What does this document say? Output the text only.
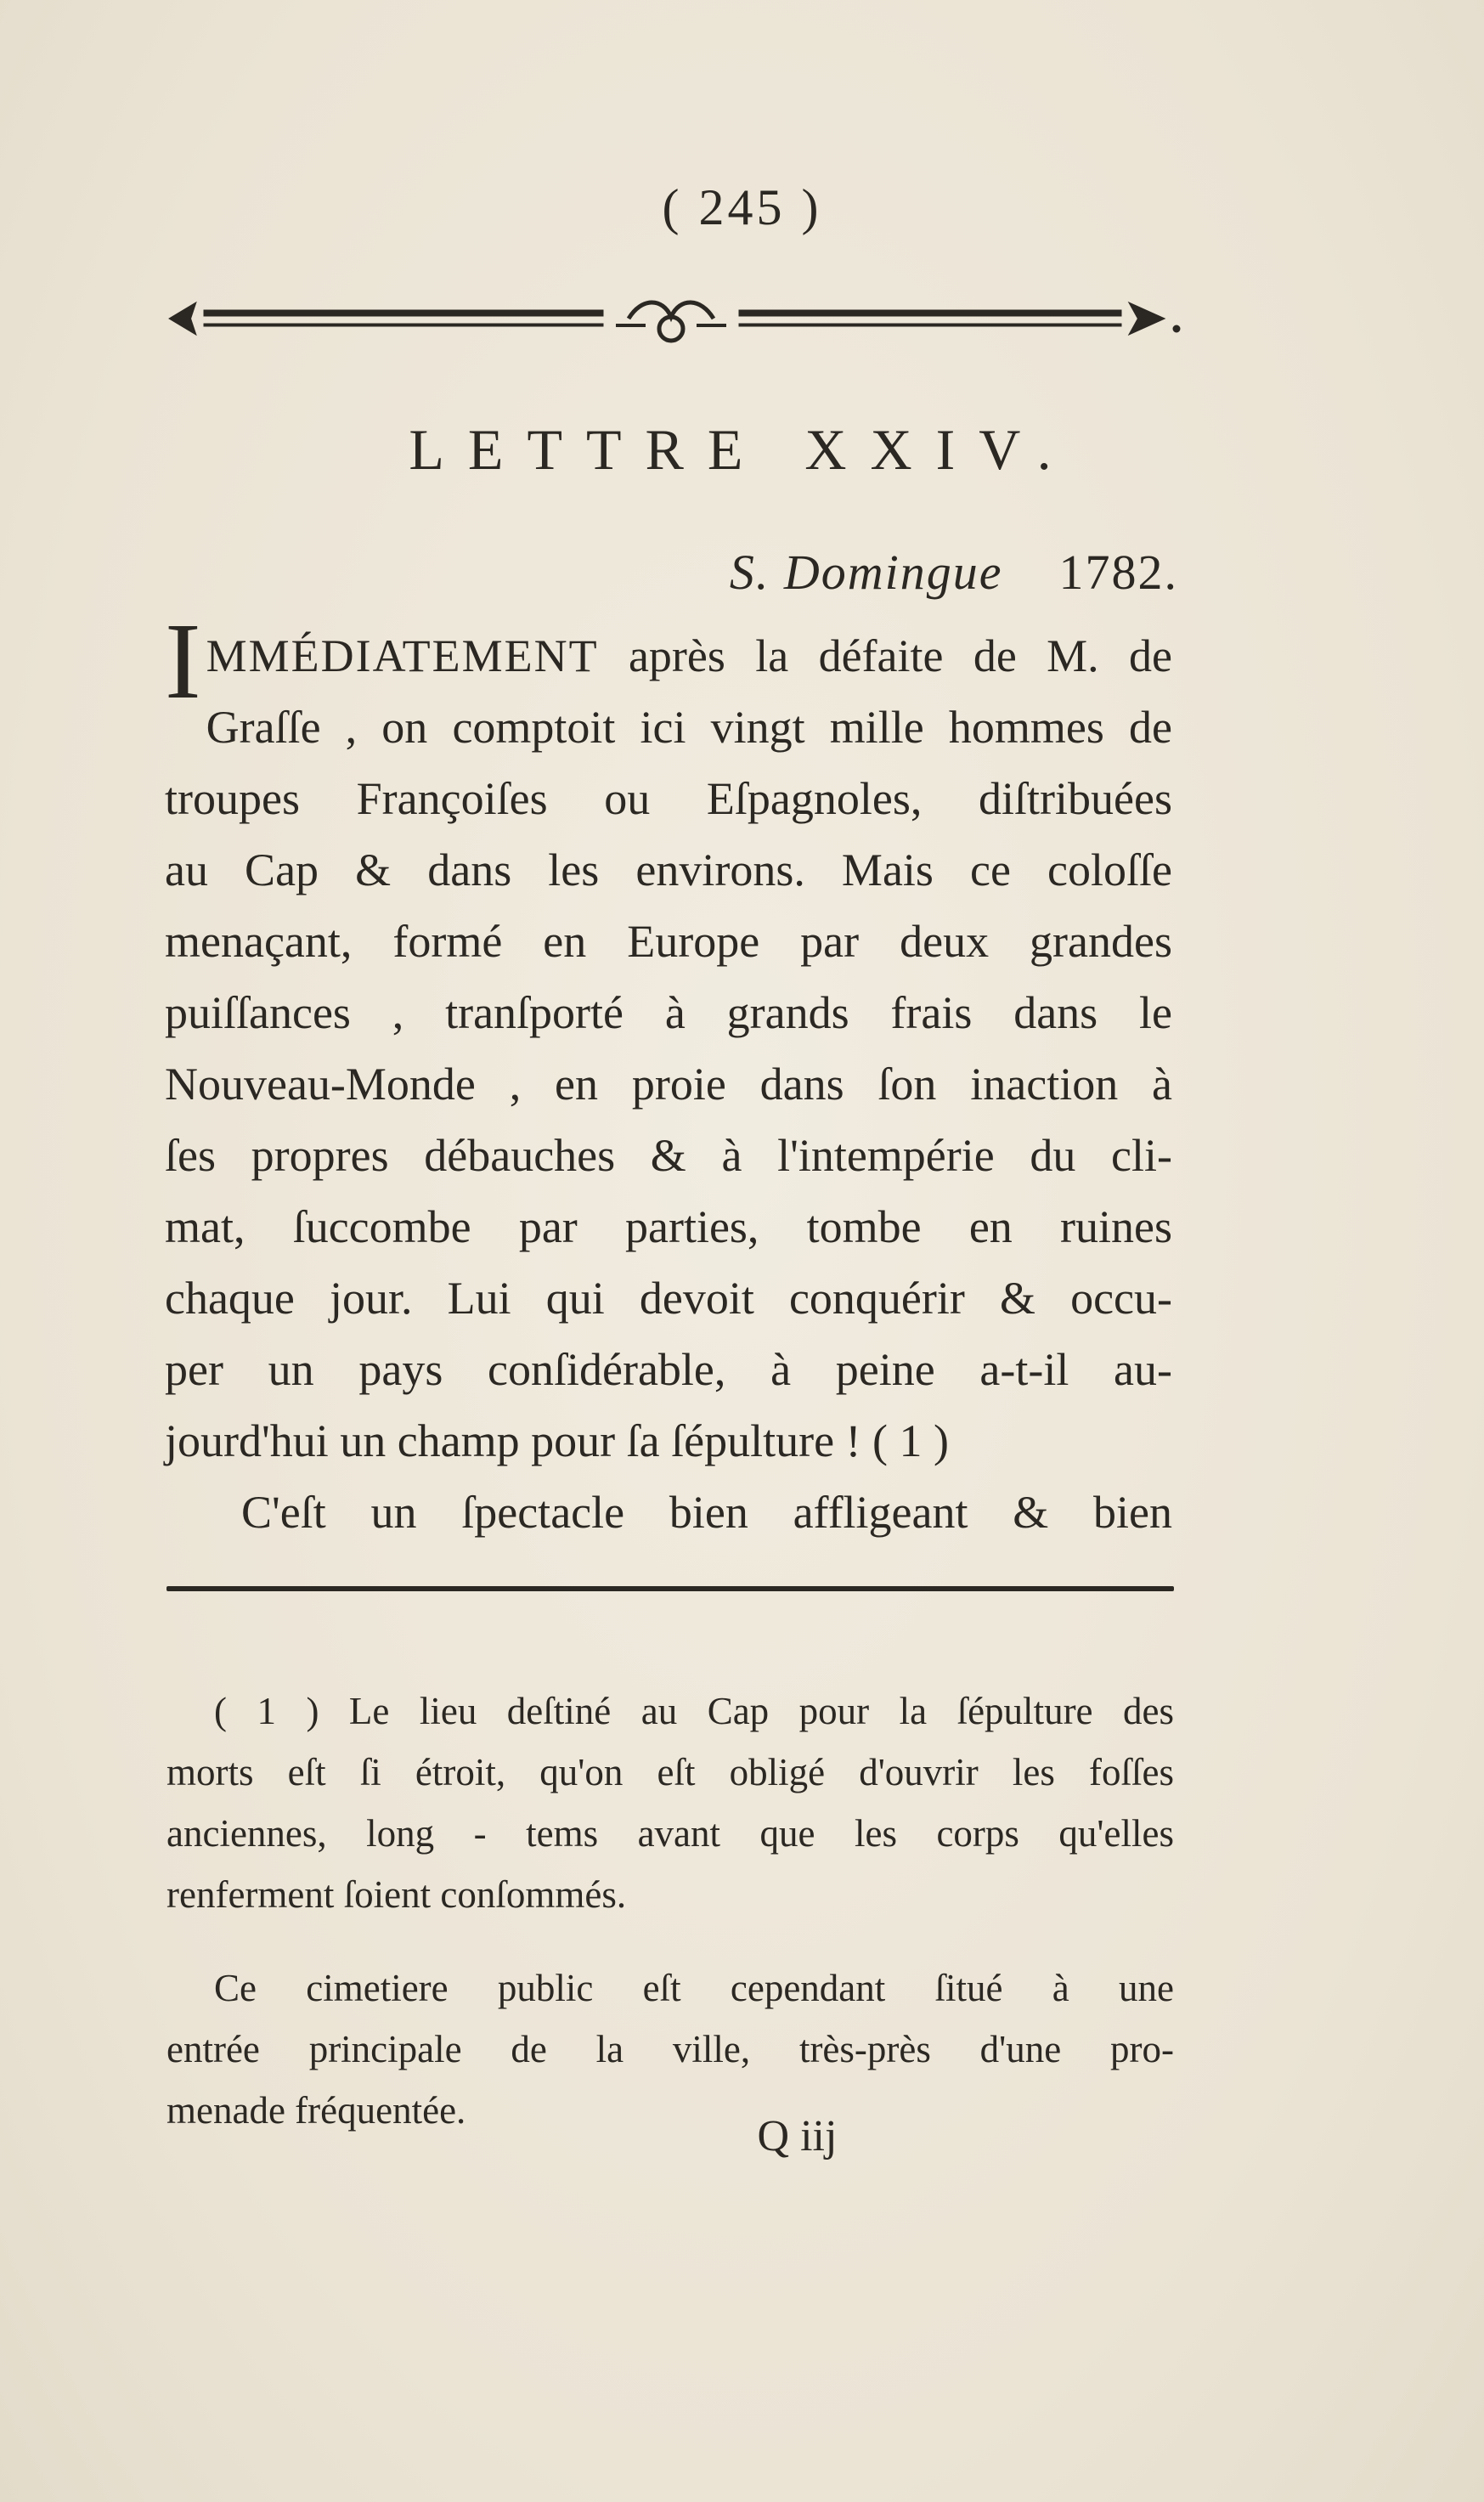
( 245 )
LETTRE XXIV.
S. Domingue 1782.
IMMÉDIATEMENT après la défaite de M. de
Graſſe , on comptoit ici vingt mille hommes de
troupes Françoiſes ou Eſpagnoles, diſtribuées
au Cap & dans les environs. Mais ce coloſſe
menaçant, formé en Europe par deux grandes
puiſſances , tranſporté à grands frais dans le
Nouveau-Monde , en proie dans ſon inaction à
ſes propres débauches & à l'intempérie du cli-
mat, ſuccombe par parties, tombe en ruines
chaque jour. Lui qui devoit conquérir & occu-
per un pays conſidérable, à peine a-t-il au-
jourd'hui un champ pour ſa ſépulture ! ( 1 )
C'eſt un ſpectacle bien affligeant & bien
( 1 ) Le lieu deſtiné au Cap pour la ſépulture des
morts eſt ſi étroit, qu'on eſt obligé d'ouvrir les foſſes
anciennes, long - tems avant que les corps qu'elles
renferment ſoient conſommés.
Ce cimetiere public eſt cependant ſitué à une
entrée principale de la ville, très-près d'une pro-
menade fréquentée.
Q iij
